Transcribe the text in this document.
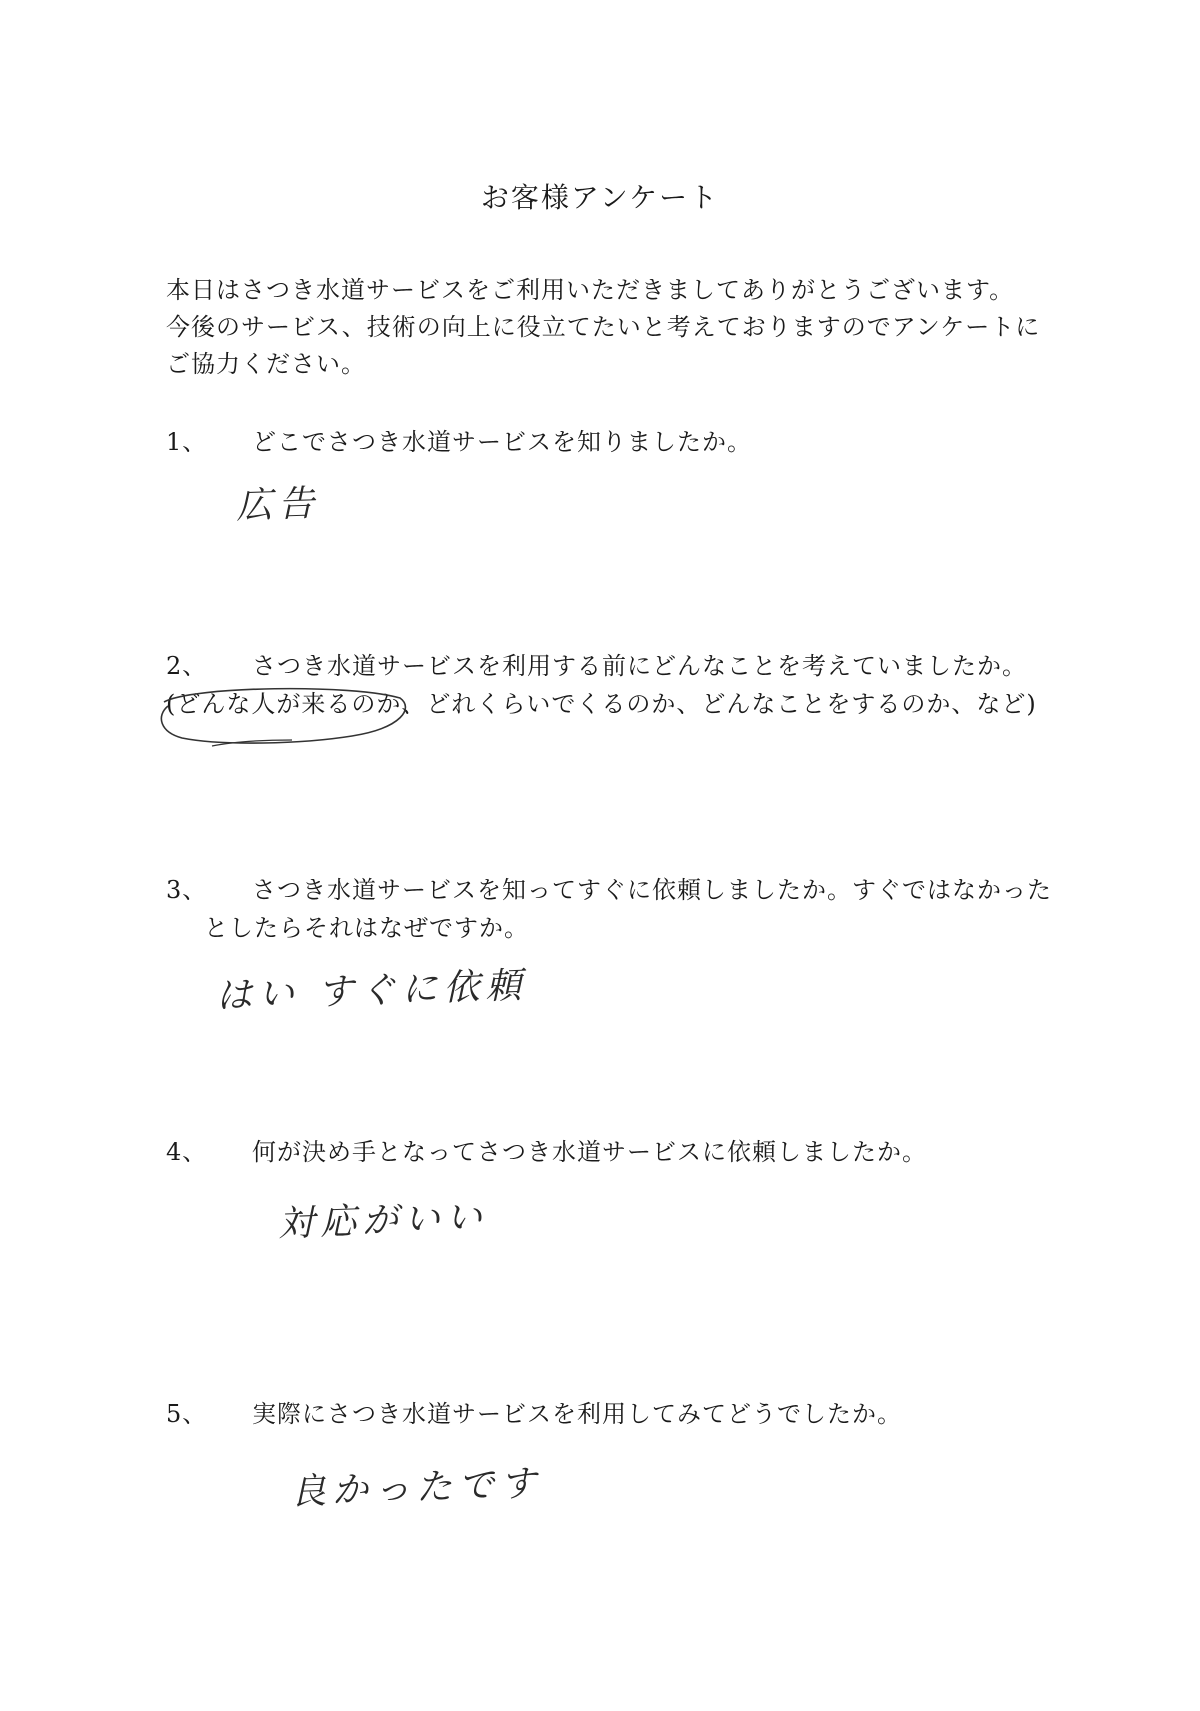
お客様アンケート
本日はさつき水道サービスをご利用いただきましてありがとうございます。
今後のサービス、技術の向上に役立てたいと考えておりますのでアンケートに
ご協力ください。
1、 どこでさつき水道サービスを知りましたか。
広告
2、 さつき水道サービスを利用する前にどんなことを考えていましたか。
(どんな人が来るのか、どれくらいでくるのか、どんなことをするのか、など)
3、 さつき水道サービスを知ってすぐに依頼しましたか。すぐではなかった
としたらそれはなぜですか。
はい すぐに依頼
4、 何が決め手となってさつき水道サービスに依頼しましたか。
対応がいい
5、 実際にさつき水道サービスを利用してみてどうでしたか。
良かったです
